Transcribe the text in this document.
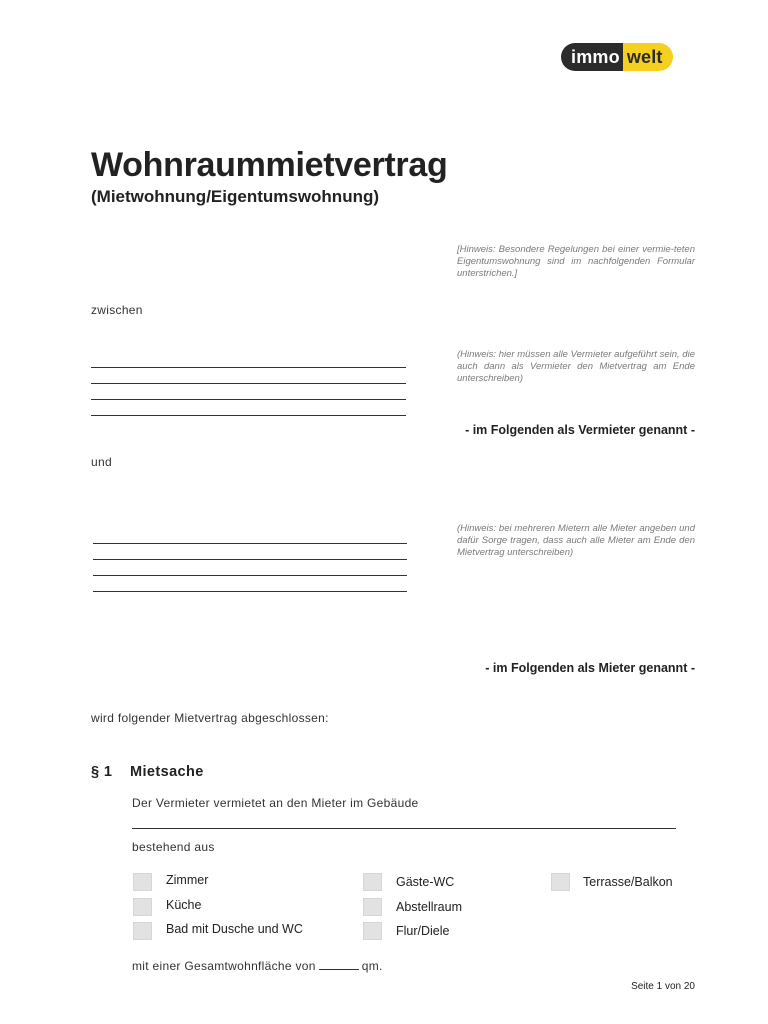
immo welt
Wohnraummietvertrag
(Mietwohnung/Eigentumswohnung)
[Hinweis: Besondere Regelungen bei einer vermie-teten Eigentumswohnung sind im nachfolgenden Formular unterstrichen.]
zwischen
(Hinweis: hier müssen alle Vermieter aufgeführt sein, die auch dann als Vermieter den Mietvertrag am Ende unterschreiben)
- im Folgenden als Vermieter genannt -
und
(Hinweis: bei mehreren Mietern alle Mieter angeben und dafür Sorge tragen, dass auch alle Mieter am Ende den Mietvertrag unterschreiben)
- im Folgenden als Mieter genannt -
wird folgender Mietvertrag abgeschlossen:
§ 1 Mietsache
Der Vermieter vermietet an den Mieter im Gebäude
bestehend aus
Zimmer
Küche
Bad mit Dusche und WC
Gäste-WC
Abstellraum
Flur/Diele
Terrasse/Balkon
mit einer Gesamtwohnfläche von	qm.
Seite 1 von 20
